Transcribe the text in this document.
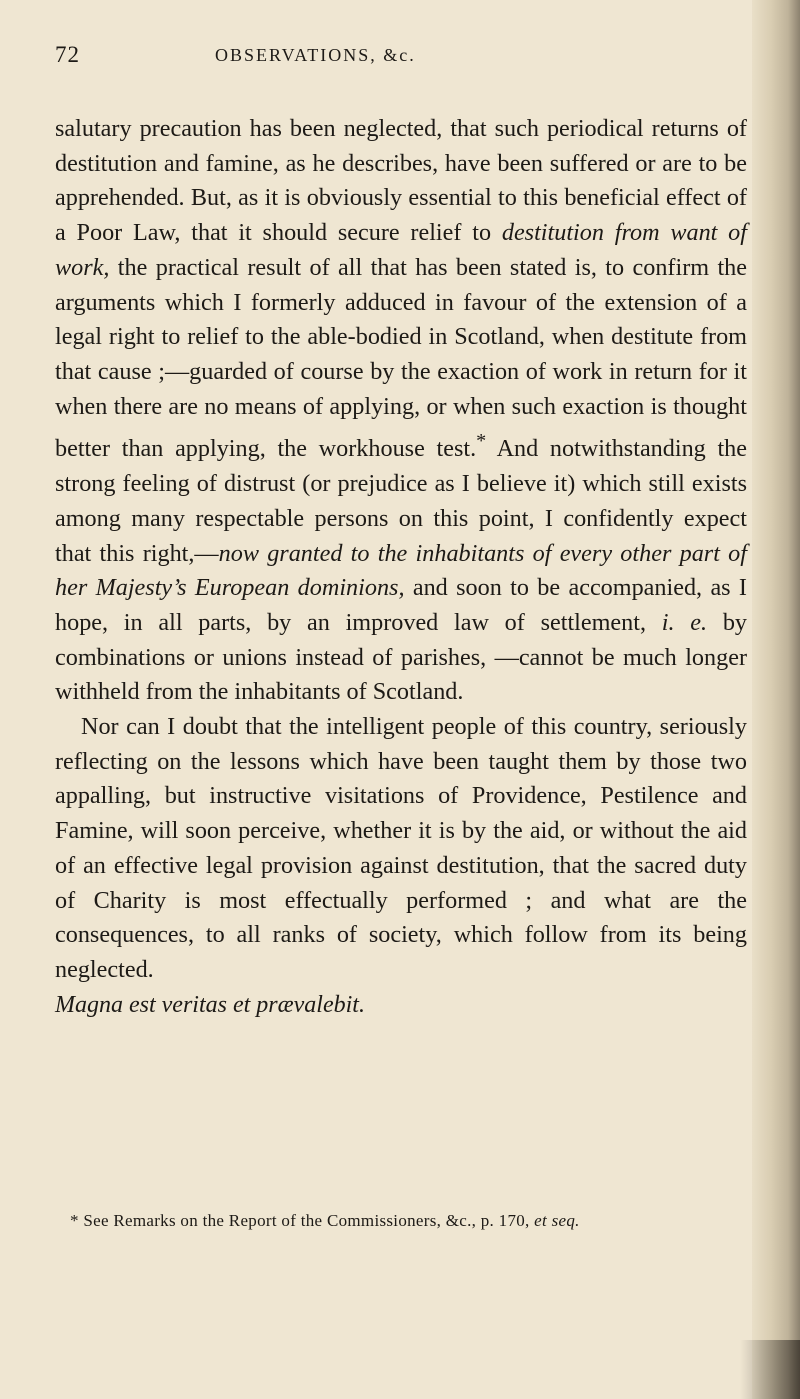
72	OBSERVATIONS, &c.

salutary precaution has been neglected, that such periodical returns of destitution and famine, as he describes, have been suffered or are to be apprehended. But, as it is obviously essential to this beneficial effect of a Poor Law, that it should secure relief to destitution from want of work, the practical result of all that has been stated is, to confirm the arguments which I formerly adduced in favour of the extension of a legal right to relief to the able-bodied in Scotland, when destitute from that cause ;—guarded of course by the exaction of work in return for it when there are no means of applying, or when such exaction is thought better than applying, the workhouse test.* And notwithstanding the strong feeling of distrust (or prejudice as I believe it) which still exists among many respectable persons on this point, I confidently expect that this right,—now granted to the inhabitants of every other part of her Majesty’s European dominions, and soon to be accompanied, as I hope, in all parts, by an improved law of settlement, i. e. by combinations or unions instead of parishes, —cannot be much longer withheld from the inhabitants of Scotland.

Nor can I doubt that the intelligent people of this country, seriously reflecting on the lessons which have been taught them by those two appalling, but instructive visitations of Providence, Pestilence and Famine, will soon perceive, whether it is by the aid, or without the aid of an effective legal provision against destitution, that the sacred duty of Charity is most effectually performed ; and what are the consequences, to all ranks of society, which follow from its being neglected.

Magna est veritas et prævalebit.

* See Remarks on the Report of the Commissioners, &c., p. 170, et seq.
